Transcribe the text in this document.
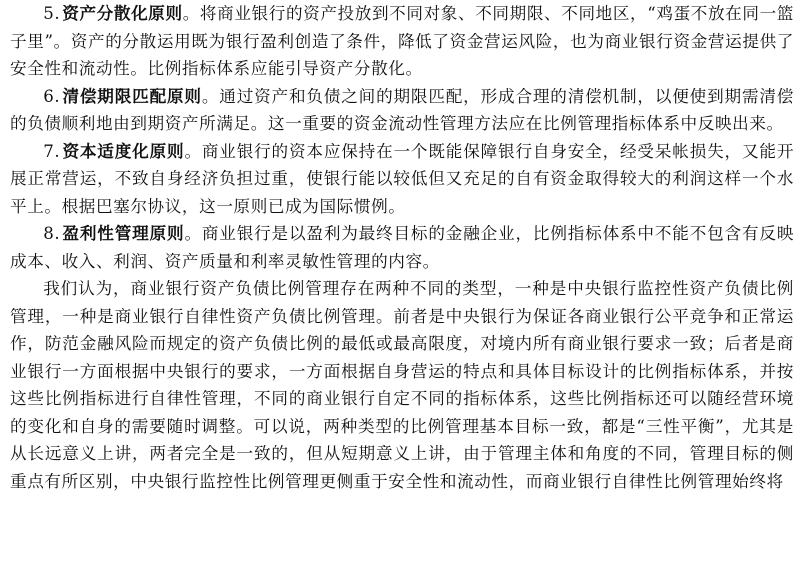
5. 资产分散化原则。将商业银行的资产投放到不同对象、不同期限、不同地区，“鸡蛋不放在同一篮子里”。资产的分散运用既为银行盈利创造了条件，降低了资金营运风险，也为商业银行资金营运提供了安全性和流动性。比例指标体系应能引导资产分散化。

6. 清偿期限匹配原则。通过资产和负债之间的期限匹配，形成合理的清偿机制，以便使到期需清偿的负债顺利地由到期资产所满足。这一重要的资金流动性管理方法应在比例管理指标体系中反映出来。

7. 资本适度化原则。商业银行的资本应保持在一个既能保障银行自身安全，经受呆帐损失，又能开展正常营运，不致自身经济负担过重，使银行能以较低但又充足的自有资金取得较大的利润这样一个水平上。根据巴塞尔协议，这一原则已成为国际惯例。

8. 盈利性管理原则。商业银行是以盈利为最终目标的金融企业，比例指标体系中不能不包含有反映成本、收入、利润、资产质量和利率灵敏性管理的内容。

我们认为，商业银行资产负债比例管理存在两种不同的类型，一种是中央银行监控性资产负债比例管理，一种是商业银行自律性资产负债比例管理。前者是中央银行为保证各商业银行公平竞争和正常运作，防范金融风险而规定的资产负债比例的最低或最高限度，对境内所有商业银行要求一致；后者是商业银行一方面根据中央银行的要求，一方面根据自身营运的特点和具体目标设计的比例指标体系，并按这些比例指标进行自律性管理，不同的商业银行自定不同的指标体系，这些比例指标还可以随经营环境的变化和自身的需要随时调整。可以说，两种类型的比例管理基本目标一致，都是“三性平衡”，尤其是从长远意义上讲，两者完全是一致的，但从短期意义上讲，由于管理主体和角度的不同，管理目标的侧重点有所区别，中央银行监控性比例管理更侧重于安全性和流动性，而商业银行自律性比例管理始终将
